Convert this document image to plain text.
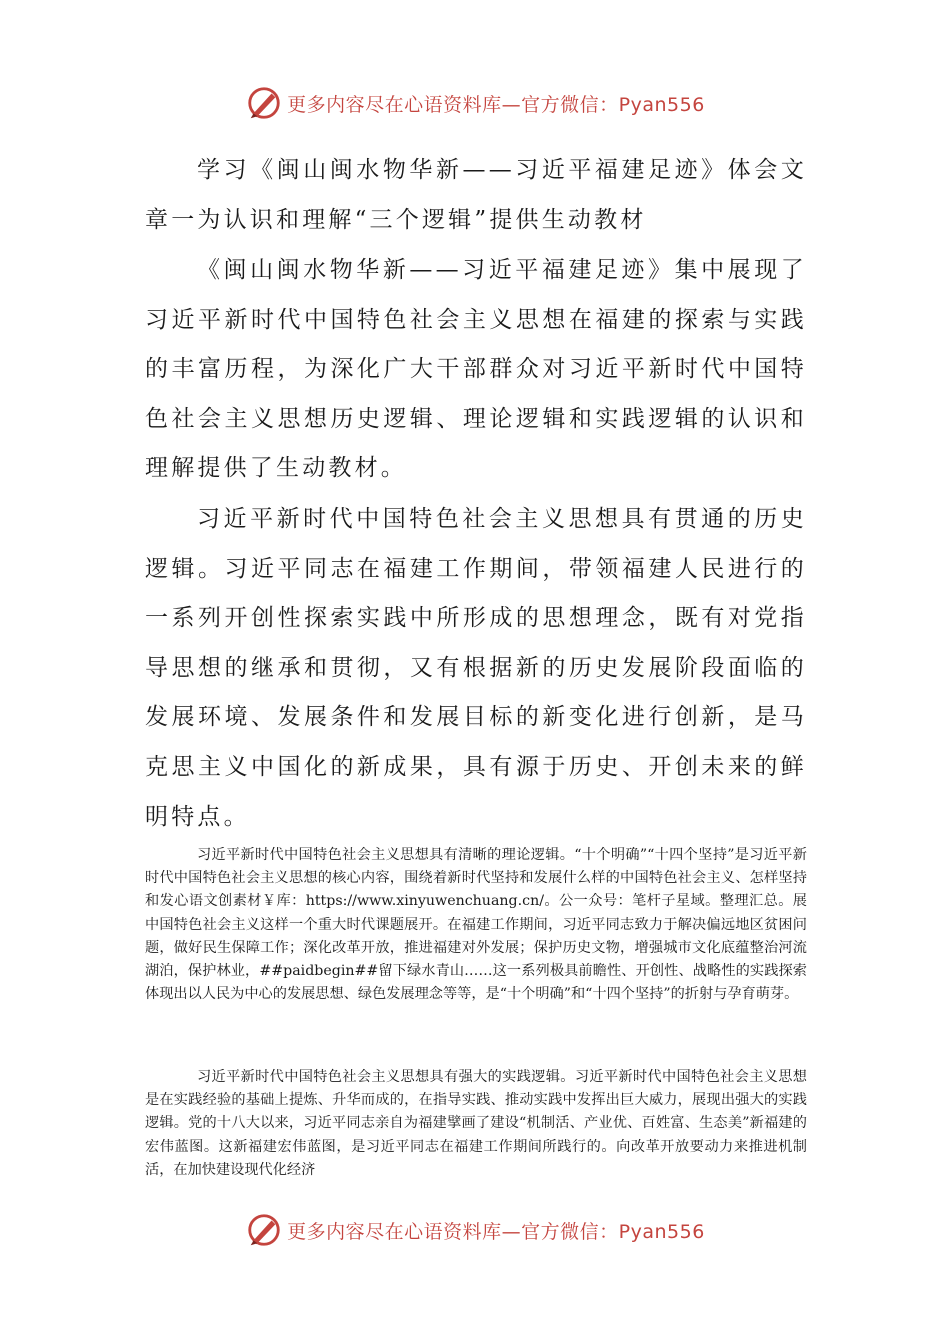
更多内容尽在心语资料库—官方微信：Pyan556

学习《闽山闽水物华新——习近平福建足迹》体会文章一为认识和理解“三个逻辑”提供生动教材

《闽山闽水物华新——习近平福建足迹》集中展现了习近平新时代中国特色社会主义思想在福建的探索与实践的丰富历程，为深化广大干部群众对习近平新时代中国特色社会主义思想历史逻辑、理论逻辑和实践逻辑的认识和理解提供了生动教材。

习近平新时代中国特色社会主义思想具有贯通的历史逻辑。习近平同志在福建工作期间，带领福建人民进行的一系列开创性探索实践中所形成的思想理念，既有对党指导思想的继承和贯彻，又有根据新的历史发展阶段面临的发展环境、发展条件和发展目标的新变化进行创新，是马克思主义中国化的新成果，具有源于历史、开创未来的鲜明特点。

习近平新时代中国特色社会主义思想具有清晰的理论逻辑。“十个明确”“十四个坚持”是习近平新时代中国特色社会主义思想的核心内容，围绕着新时代坚持和发展什么样的中国特色社会主义、怎样坚持和发心语文创素材￥库：https://www.xinyuwenchuang.cn/。公一众号：笔杆子星域。整理汇总。展中国特色社会主义这样一个重大时代课题展开。在福建工作期间，习近平同志致力于解决偏远地区贫困问题，做好民生保障工作；深化改革开放，推进福建对外发展；保护历史文物，增强城市文化底蕴整治河流湖泊，保护林业，##paidbegin##留下绿水青山……这一系列极具前瞻性、开创性、战略性的实践探索体现出以人民为中心的发展思想、绿色发展理念等等，是“十个明确”和“十四个坚持”的折射与孕育萌芽。

习近平新时代中国特色社会主义思想具有强大的实践逻辑。习近平新时代中国特色社会主义思想是在实践经验的基础上提炼、升华而成的，在指导实践、推动实践中发挥出巨大威力，展现出强大的实践逻辑。党的十八大以来，习近平同志亲自为福建擘画了建设“机制活、产业优、百姓富、生态美”新福建的宏伟蓝图。这新福建宏伟蓝图，是习近平同志在福建工作期间所践行的。向改革开放要动力来推进机制活，在加快建设现代化经济

更多内容尽在心语资料库—官方微信：Pyan556
